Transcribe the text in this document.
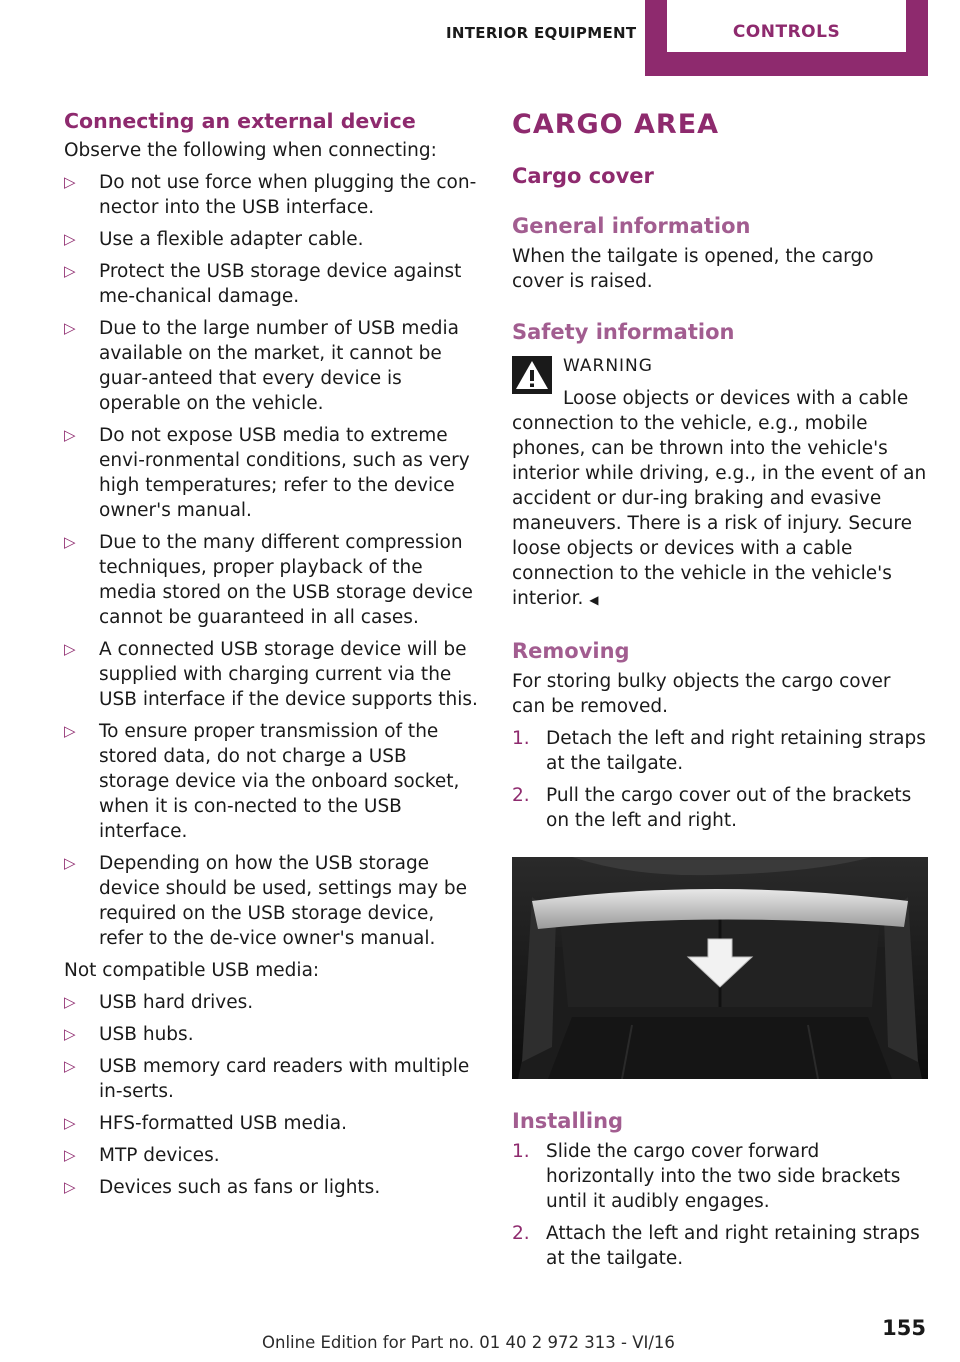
INTERIOR EQUIPMENT	CONTROLS
Connecting an external device

Observe the following when connecting:

▷ Do not use force when plugging the con‐nector into the USB interface.
▷ Use a flexible adapter cable.
▷ Protect the USB storage device against me‐chanical damage.
▷ Due to the large number of USB media available on the market, it cannot be guar‐anteed that every device is operable on the vehicle.
▷ Do not expose USB media to extreme envi‐ronmental conditions, such as very high temperatures; refer to the device owner's manual.
▷ Due to the many different compression techniques, proper playback of the media stored on the USB storage device cannot be guaranteed in all cases.
▷ A connected USB storage device will be supplied with charging current via the USB interface if the device supports this.
▷ To ensure proper transmission of the stored data, do not charge a USB storage device via the onboard socket, when it is con‐nected to the USB interface.
▷ Depending on how the USB storage device should be used, settings may be required on the USB storage device, refer to the de‐vice owner's manual.

Not compatible USB media:

▷ USB hard drives.
▷ USB hubs.
▷ USB memory card readers with multiple in‐serts.
▷ HFS-formatted USB media.
▷ MTP devices.
▷ Devices such as fans or lights.
CARGO AREA
Cargo cover
General information

When the tailgate is opened, the cargo cover is raised.

Safety information
WARNING

Loose objects or devices with a cable

connection to the vehicle, e.g., mobile phones, can be thrown into the vehicle's interior while driving, e.g., in the event of an accident or dur‐ing braking and evasive maneuvers. There is a risk of injury. Secure loose objects or devices with a cable connection to the vehicle in the vehicle's interior. ◀

Removing

For storing bulky objects the cargo cover can be removed.

1. Detach the left and right retaining straps at the tailgate.
2. Pull the cargo cover out of the brackets on the left and right.
Installing
1. Slide the cargo cover forward horizontally into the two side brackets until it audibly engages.
2. Attach the left and right retaining straps at the tailgate.
155
Online Edition for Part no. 01 40 2 972 313 - VI/16
